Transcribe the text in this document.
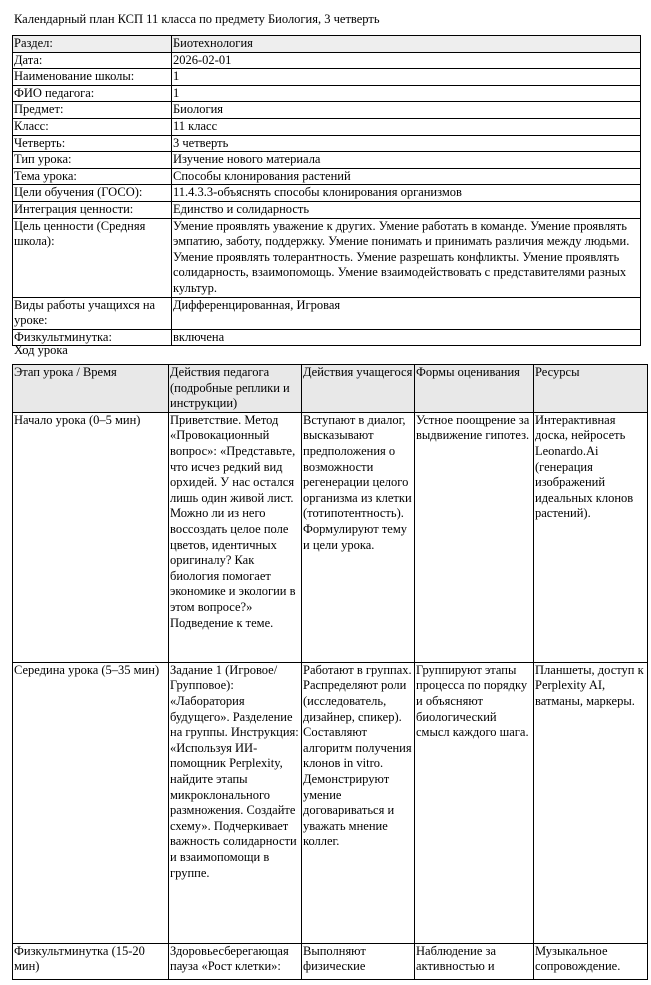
Календарный план КСП 11 класса по предмету Биология, 3 четверть
Раздел:	Биотехнология
Дата:	2026-02-01
Наименование школы:	1
ФИО педагога:	1
Предмет:	Биология
Класс:	11 класс
Четверть:	3 четверть
Тип урока:	Изучение нового материала
Тема урока:	Способы клонирования растений
Цели обучения (ГОСО):	11.4.3.3-объяснять способы клонирования организмов
Интеграция ценности:	Единство и солидарность
Цель ценности (Средняя школа):	Умение проявлять уважение к других. Умение работать в команде. Умение проявлять эмпатию, заботу, поддержку. Умение понимать и принимать различия между людьми. Умение проявлять толерантность. Умение разрешать конфликты. Умение проявлять солидарность, взаимопомощь. Умение взаимодействовать с представителями разных культур.
Виды работы учащихся на уроке:	Дифференцированная, Игровая
Физкультминутка:	включена
Ход урока
Этап урока / Время	Действия педагога (подробные реплики и инструкции)	Действия учащегося	Формы оценивания	Ресурсы
Начало урока (0–5 мин)	Приветствие. Метод «Провокационный вопрос»: «Представьте, что исчез редкий вид орхидей. У нас остался лишь один живой лист. Можно ли из него воссоздать целое поле цветов, идентичных оригиналу? Как биология помогает экономике и экологии в этом вопросе?» Подведение к теме.	Вступают в диалог, высказывают предположения о возможности регенерации целого организма из клетки (тотипотентность). Формулируют тему и цели урока.	Устное поощрение за выдвижение гипотез.	Интерактивная доска, нейросеть Leonardo.Ai (генерация изображений идеальных клонов растений).
Середина урока (5–35 мин)	Задание 1 (Игровое/Групповое): «Лаборатория будущего». Разделение на группы. Инструкция: «Используя ИИ-помощник Perplexity, найдите этапы микроклонального размножения. Создайте схему». Подчеркивает важность солидарности и взаимопомощи в группе.	Работают в группах. Распределяют роли (исследователь, дизайнер, спикер). Составляют алгоритм получения клонов in vitro. Демонстрируют умение договариваться и уважать мнение коллег.	Группируют этапы процесса по порядку и объясняют биологический смысл каждого шага.	Планшеты, доступ к Perplexity AI, ватманы, маркеры.
Физкультминутка (15-20 мин)	Здоровьесберегающая пауза «Рост клетки»:	Выполняют физические	Наблюдение за активностью и	Музыкальное сопровождение.
